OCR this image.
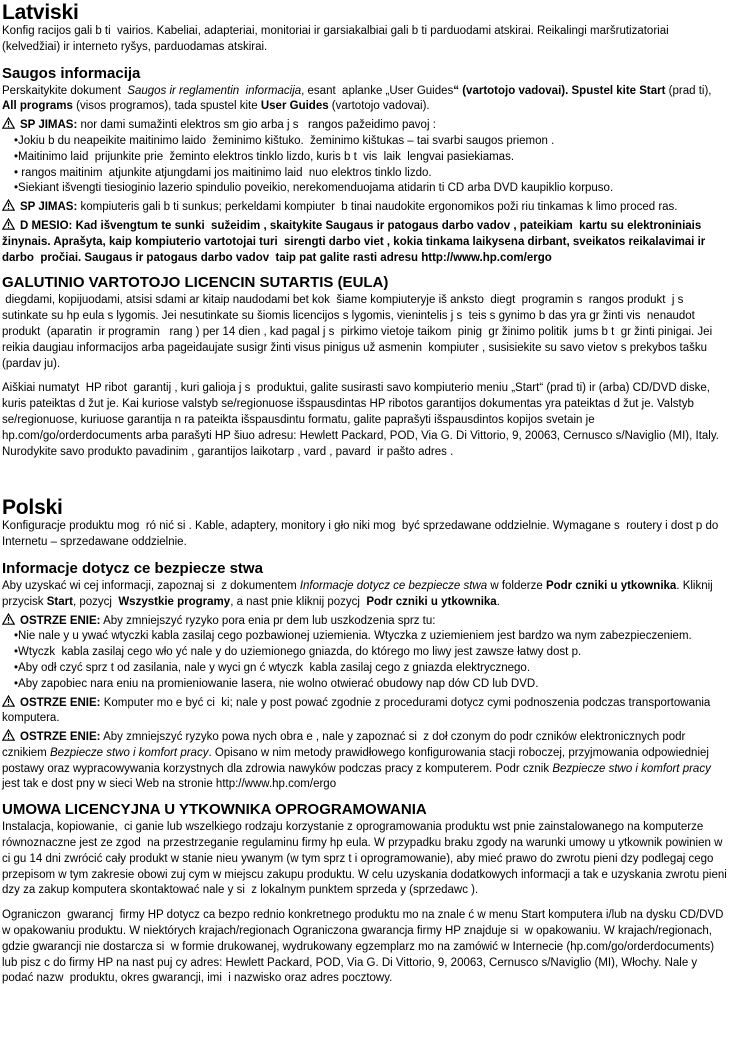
Latviski

Konfig racijos gali b ti  vairios. Kabeliai, adapteriai, monitoriai ir garsiakalbiai gali b ti parduodami atskirai. Reikalingi maršrutizatoriai (kelvedžiai) ir interneto ryšys, parduodamas atskirai.

Saugos informacija

Perskaitykite dokument  Saugos ir reglamentin  informacija, esant  aplanke „User Guides“ (vartotojo vadovai). Spustel kite Start (prad ti), All programs (visos programos), tada spustel kite User Guides (vartotojo vadovai).

SP JIMAS: nor dami sumažinti elektros sm gio arba j s   rangos pažeidimo pavoj :

•Jokiu b du neapeikite maitinimo laido  žeminimo kištuko.  žeminimo kištukas – tai svarbi saugos priemon .
•Maitinimo laid  prijunkite prie  žeminto elektros tinklo lizdo, kuris b t  vis  laik  lengvai pasiekiamas.
• rangos maitinim  atjunkite atjungdami jos maitinimo laid  nuo elektros tinklo lizdo.
•Siekiant išvengti tiesioginio lazerio spindulio poveikio, nerekomenduojama atidarin ti CD arba DVD kaupiklio korpuso.

SP JIMAS: kompiuteris gali b ti sunkus; perkeldami kompiuter  b tinai naudokite ergonomikos poži riu tinkamas k limo proced ras.

D MESIO: Kad išvengtum te sunki  sužeidim , skaitykite Saugaus ir patogaus darbo vadov , pateikiam  kartu su elektroniniais žinynais. Aprašyta, kaip kompiuterio vartotojai turi  sirengti darbo viet , kokia tinkama laikysena dirbant, sveikatos reikalavimai ir darbo  pročiai. Saugaus ir patogaus darbo vadov  taip pat galite rasti adresu http://www.hp.com/ergo

GALUTINIO VARTOTOJO LICENCIN SUTARTIS (EULA)

diegdami, kopijuodami, atsisi sdami ar kitaip naudodami bet kok  šiame kompiuteryje iš anksto  diegt  programin s  rangos produkt  j s sutinkate su hp eula s lygomis. Jei nesutinkate su šiomis licencijos s lygomis, vienintelis j s  teis s gynimo b das yra gr žinti vis  nenaudot  produkt  (aparatin  ir programin   rang ) per 14 dien , kad pagal j s  pirkimo vietoje taikom  pinig  gr žinimo politik  jums b t  gr žinti pinigai. Jei reikia daugiau informacijos arba pageidaujate susigr žinti visus pinigus už asmenin  kompiuter , susisiekite su savo vietov s prekybos tašku (pardav ju).

Aiškiai numatyt  HP ribot  garantij , kuri galioja j s  produktui, galite susirasti savo kompiuterio meniu „Start“ (prad ti) ir (arba) CD/DVD diske, kuris pateiktas d žut je. Kai kuriose valstyb se/regionuose išspausdintas HP ribotos garantijos dokumentas yra pateiktas d žut je. Valstyb se/regionuose, kuriuose garantija n ra pateikta išspausdintu formatu, galite paprašyti išspausdintos kopijos svetain je hp.com/go/orderdocuments arba parašyti HP šiuo adresu: Hewlett Packard, POD, Via G. Di Vittorio, 9, 20063, Cernusco s/Naviglio (MI), Italy. Nurodykite savo produkto pavadinim , garantijos laikotarp , vard , pavard  ir pašto adres .

Polski

Konfiguracje produktu mog  ró nić si . Kable, adaptery, monitory i gło niki mog  być sprzedawane oddzielnie. Wymagane s  routery i dost p do Internetu – sprzedawane oddzielnie.

Informacje dotycz ce bezpiecze stwa

Aby uzyskać wi cej informacji, zapoznaj si  z dokumentem Informacje dotycz ce bezpiecze stwa w folderze Podr czniki u ytkownika. Kliknij przycisk Start, pozycj  Wszystkie programy, a nast pnie kliknij pozycj  Podr czniki u ytkownika.

OSTRZE ENIE: Aby zmniejszyć ryzyko pora enia pr dem lub uszkodzenia sprz tu:

•Nie nale y u ywać wtyczki kabla zasilaj cego pozbawionej uziemienia. Wtyczka z uziemieniem jest bardzo wa nym zabezpieczeniem.
•Wtyczk  kabla zasilaj cego wło yć nale y do uziemionego gniazda, do którego mo liwy jest zawsze łatwy dost p.
•Aby odł czyć sprz t od zasilania, nale y wyci gn ć wtyczk  kabla zasilaj cego z gniazda elektrycznego.
•Aby zapobiec nara eniu na promieniowanie lasera, nie wolno otwierać obudowy nap dów CD lub DVD.

OSTRZE ENIE: Komputer mo e być ci  ki; nale y post pować zgodnie z procedurami dotycz cymi podnoszenia podczas transportowania komputera.

OSTRZE ENIE: Aby zmniejszyć ryzyko powa nych obra e , nale y zapoznać si  z doł czonym do podr czników elektronicznych podr cznikiem Bezpiecze stwo i komfort pracy. Opisano w nim metody prawidłowego konfigurowania stacji roboczej, przyjmowania odpowiedniej postawy oraz wypracowywania korzystnych dla zdrowia nawyków podczas pracy z komputerem. Podr cznik Bezpiecze stwo i komfort pracy jest tak e dost pny w sieci Web na stronie http://www.hp.com/ergo

UMOWA LICENCYJNA U YTKOWNIKA OPROGRAMOWANIA

Instalacja, kopiowanie,  ci ganie lub wszelkiego rodzaju korzystanie z oprogramowania produktu wst pnie zainstalowanego na komputerze równoznaczne jest ze zgod  na przestrzeganie regulaminu firmy hp eula. W przypadku braku zgody na warunki umowy u ytkownik powinien w ci gu 14 dni zwrócić cały produkt w stanie nieu ywanym (w tym sprz t i oprogramowanie), aby mieć prawo do zwrotu pieni dzy podlegaj cego przepisom w tym zakresie obowi zuj cym w miejscu zakupu produktu. W celu uzyskania dodatkowych informacji a tak e uzyskania zwrotu pieni dzy za zakup komputera skontaktować nale y si  z lokalnym punktem sprzeda y (sprzedawc ).

Ograniczon  gwarancj  firmy HP dotycz ca bezpo rednio konkretnego produktu mo na znale ć w menu Start komputera i/lub na dysku CD/DVD w opakowaniu produktu. W niektórych krajach/regionach Ograniczona gwarancja firmy HP znajduje si  w opakowaniu. W krajach/regionach, gdzie gwarancji nie dostarcza si  w formie drukowanej, wydrukowany egzemplarz mo na zamówić w Internecie (hp.com/go/orderdocuments) lub pisz c do firmy HP na nast puj cy adres: Hewlett Packard, POD, Via G. Di Vittorio, 9, 20063, Cernusco s/Naviglio (MI), Włochy. Nale y podać nazw  produktu, okres gwarancji, imi  i nazwisko oraz adres pocztowy.
